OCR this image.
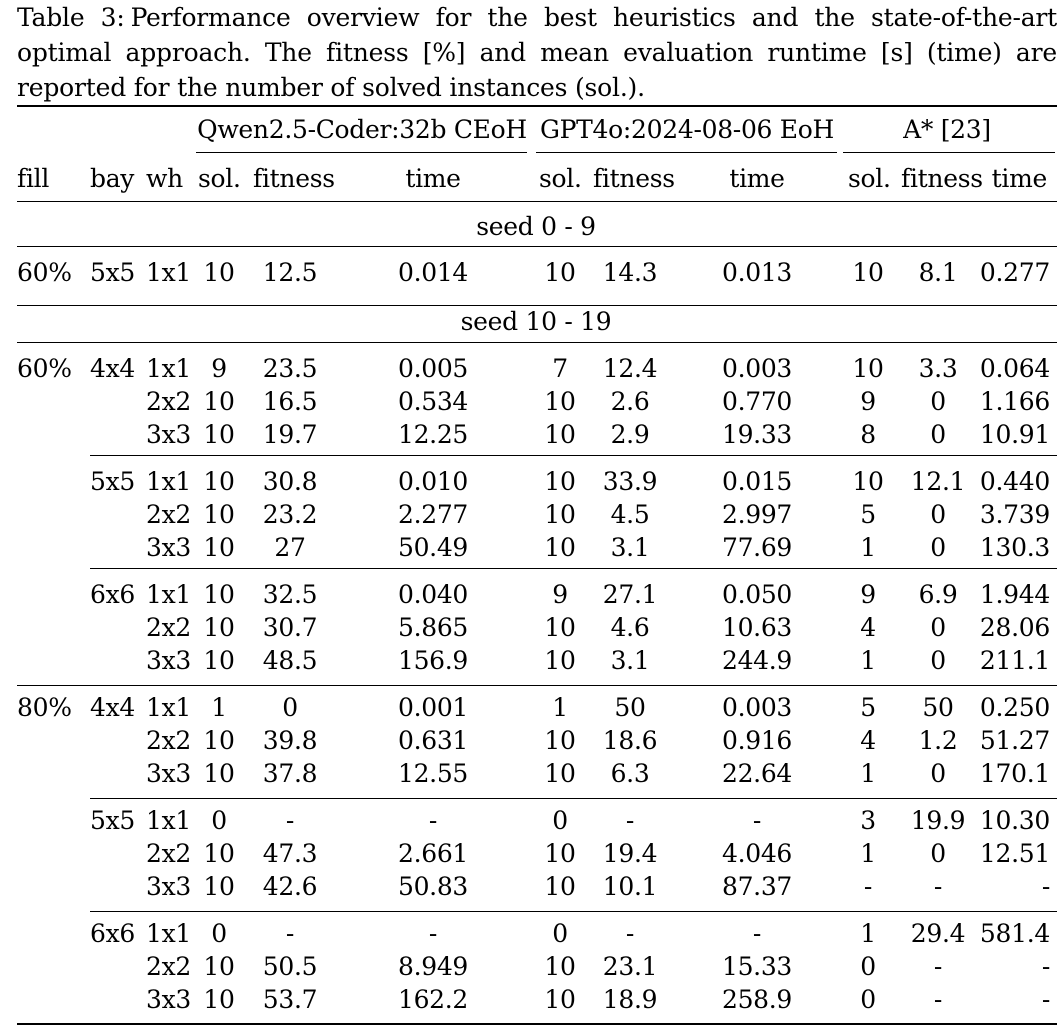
Table 3: Performance overview for the best heuristics and the state-of-the-art optimal approach. The fitness [%] and mean evaluation runtime [s] (time) are reported for the number of solved instances (sol.).
Qwen2.5-Coder:32b CEoH GPT4o:2024-08-06 EoH	A* [23]
fill bay wh sol. fitness	time	sol. fitness time	sol. fitness time
seed 0 - 9
60% 5x5 1x1 10 12.5	0.014	10 14.3	0.013 10 8.1 0.277
seed 10 - 19
60% 4x4 1x1 9 23.5	0.005	7 12.4	0.003 10 3.3 0.064
2x2 10 16.5	0.534	10 2.6	0.770	9 0 1.166
3x3 10 19.7	12.25	10 2.9	19.33	8 0 10.91
5x5 1x1 10 30.8	0.010	10 33.9	0.015 10 12.1 0.440
2x2 10 23.2	2.277	10 4.5	2.997	5 0 3.739
3x3 10 27	50.49	10 3.1	77.69	1 0 130.3
6x6 1x1 10 32.5	0.040	9 27.1	0.050	9 6.9 1.944
2x2 10 30.7	5.865	10 4.6	10.63	4 0 28.06
3x3 10 48.5	156.9	10 3.1	244.9	1 0 211.1
80% 4x4 1x1 1 0	0.001	1 50	0.003	5 50 0.250
2x2 10 39.8	0.631	10 18.6	0.916	4 1.2 51.27
3x3 10 37.8	12.55	10 6.3	22.64	1 0 170.1
5x5 1x1 0 -	-	0 -	-	3 19.9 10.30
2x2 10 47.3	2.661	10 19.4	4.046	1 0 12.51
3x3 10 42.6	50.83	10 10.1	87.37	- -	-
6x6 1x1 0 -	-	0 -	-	1 29.4 581.4
2x2 10 50.5	8.949	10 23.1	15.33	0 -	-
3x3 10 53.7	162.2	10 18.9	258.9	0 -	-
